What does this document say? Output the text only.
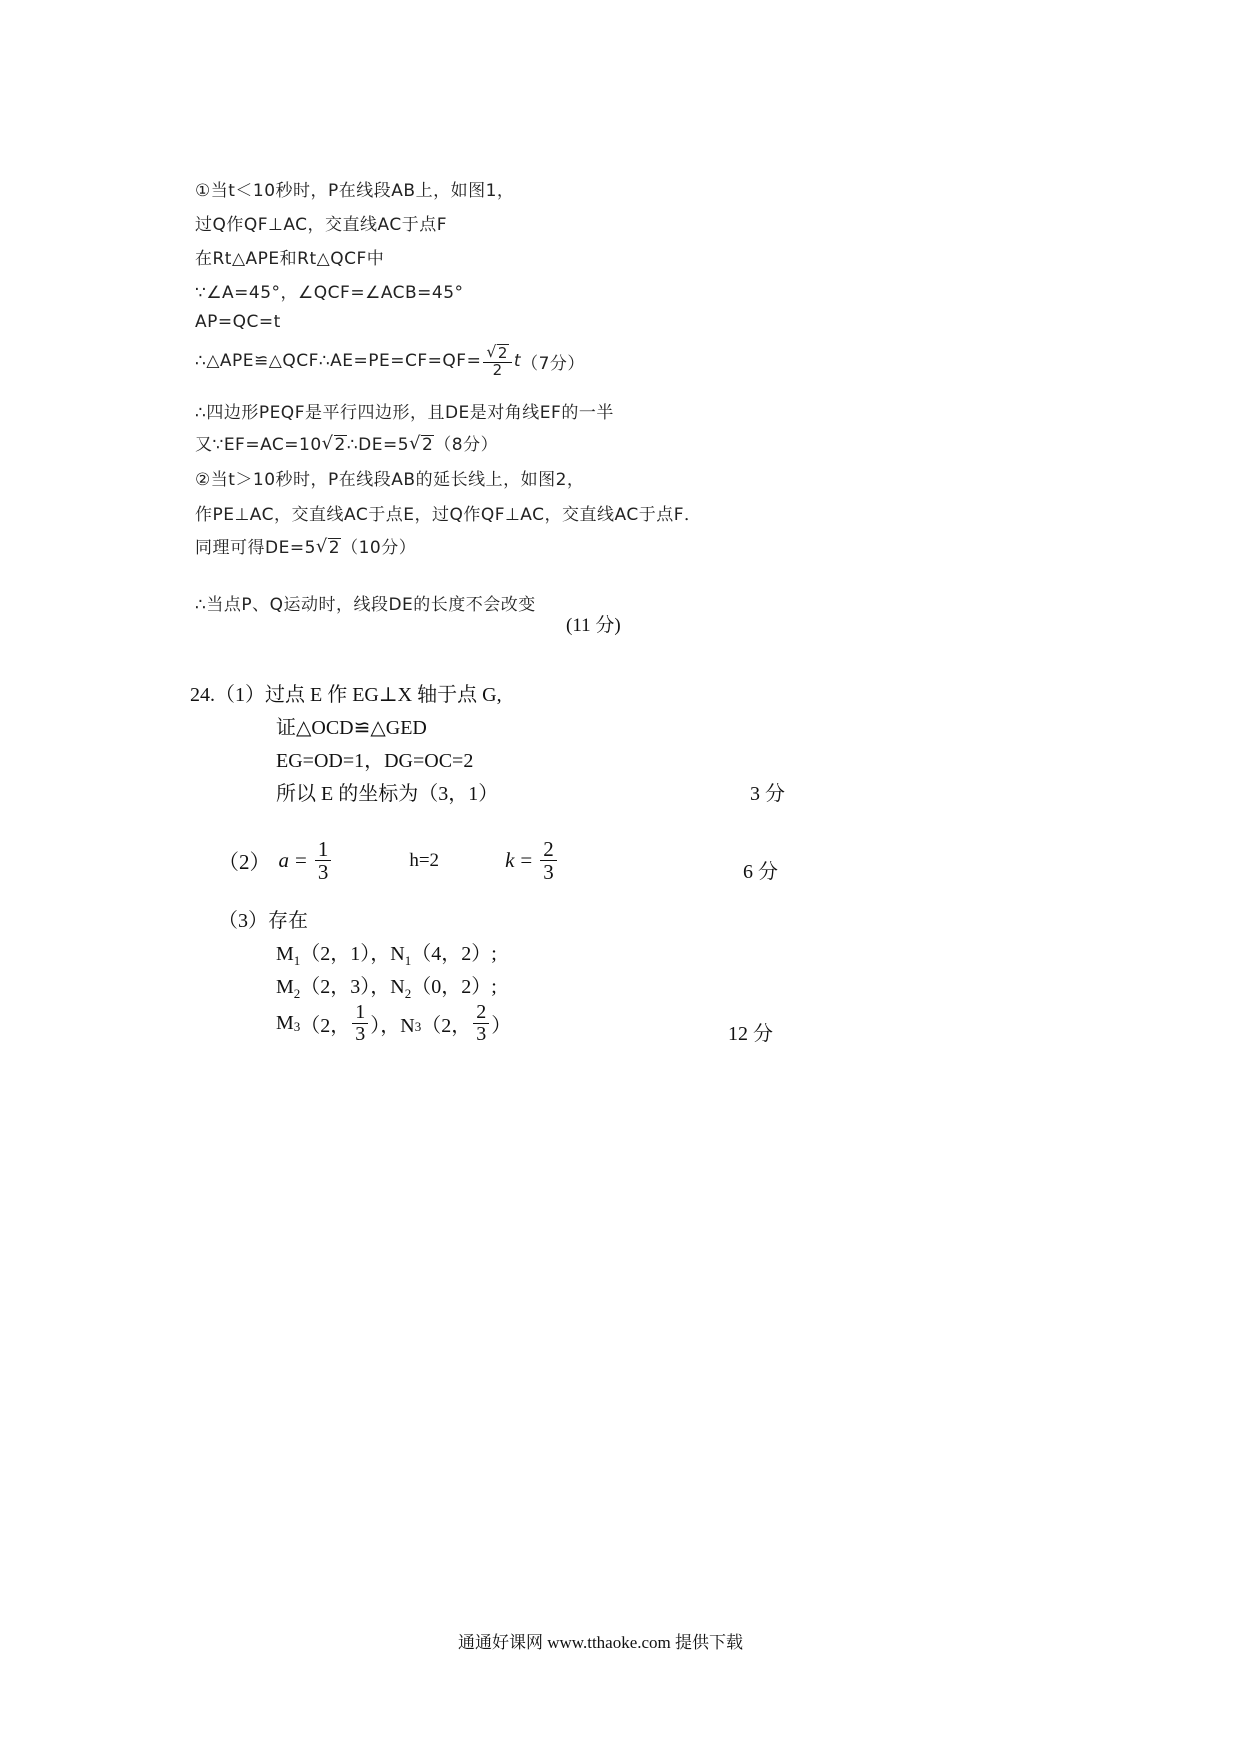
①当t＜10秒时，P在线段AB上，如图1，
过Q作QF⊥AC，交直线AC于点F
在Rt△APE和Rt△QCF中
∵∠A=45°，∠QCF=∠ACB=45°
AP=QC=t
∴△APE≌△QCF∴AE=PE=CF=QF= $\frac{√ 2}{2}$ t （7分）
∴四边形PEQF是平行四边形，且DE是对角线EF的一半
又∵EF=AC=10 √ 2 ∴DE=5 √ 2 （8分）
②当t＞10秒时，P在线段AB的延长线上，如图2，
作PE⊥AC，交直线AC于点E，过Q作QF⊥AC，交直线AC于点F．
同理可得DE=5 √ 2 （10分）
∴当点P、Q运动时，线段DE的长度不会改变
(11 分)
24.（1）过点 E 作 EG⊥X 轴于点 G,
证△OCD≌△GED
EG=OD=1，DG=OC=2
所以 E 的坐标为（3，1）	3 分
（2） $a = \frac{1}{3}$	h=2	$k = \frac{2}{3}$	6 分
（3）存在
$M_1(2$，1），$N_1(4$，2）;
$M_2(2$，3），$N_2(0$，2）;
M 3 （2， $\frac{1}{3}$ ），N 3 （2， $\frac{2}{3}$ ）	12 分
通通好课网 www.tthaoke.com 提供下载
